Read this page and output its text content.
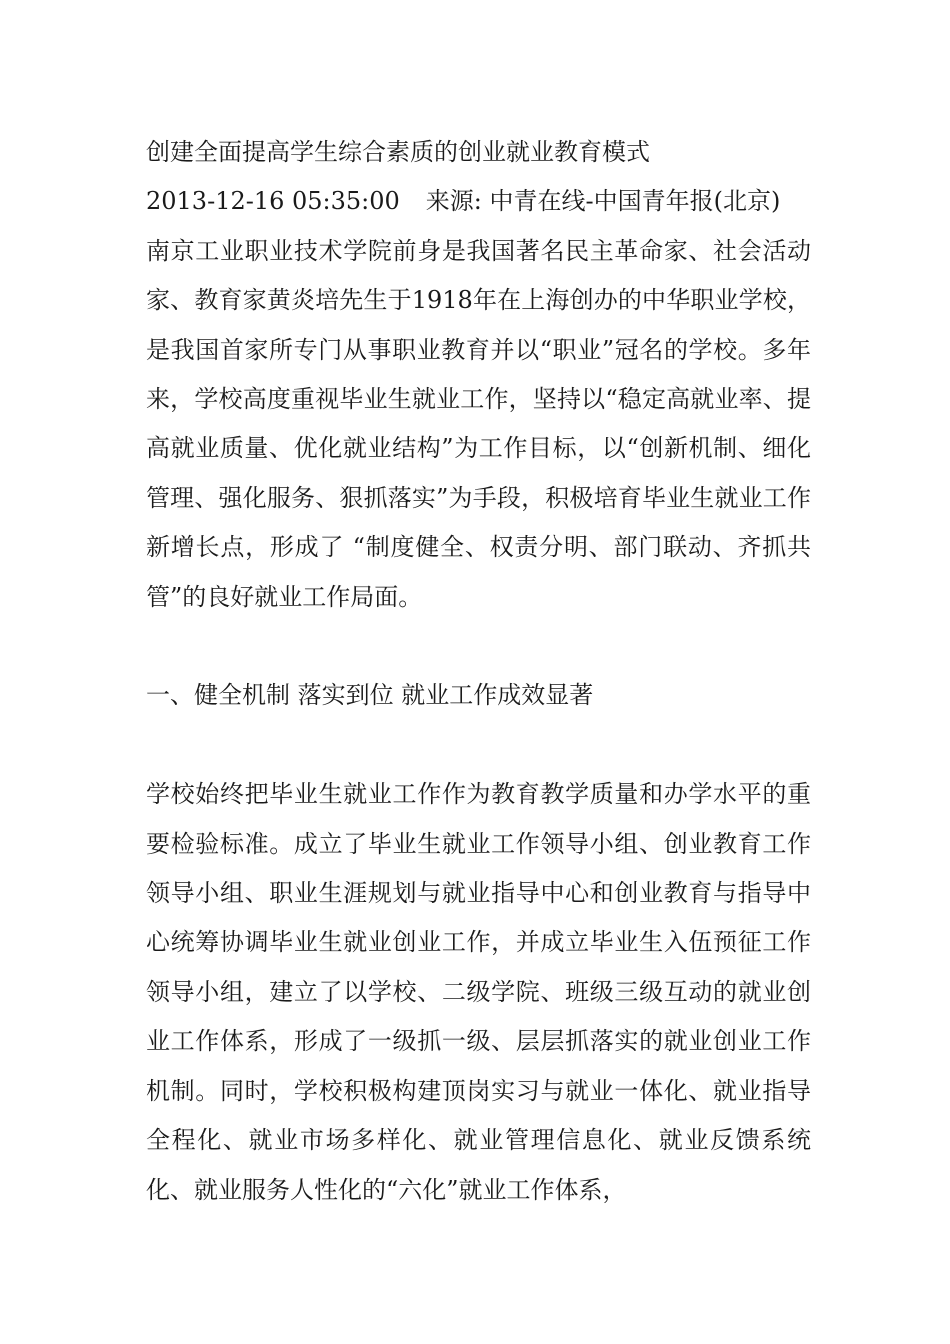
创建全面提高学生综合素质的创业就业教育模式
2013-12-16 05:35:00 来源: 中青在线-中国青年报(北京)

南京工业职业技术学院前身是我国著名民主革命家、社会活动家、教育家黄炎培先生于1918年在上海创办的中华职业学校，是我国首家所专门从事职业教育并以“职业”冠名的学校。多年来，学校高度重视毕业生就业工作，坚持以“稳定高就业率、提高就业质量、优化就业结构”为工作目标，以“创新机制、细化管理、强化服务、狠抓落实”为手段，积极培育毕业生就业工作新增长点，形成了 “制度健全、权责分明、部门联动、齐抓共管”的良好就业工作局面。

一、健全机制 落实到位 就业工作成效显著

学校始终把毕业生就业工作作为教育教学质量和办学水平的重要检验标准。成立了毕业生就业工作领导小组、创业教育工作领导小组、职业生涯规划与就业指导中心和创业教育与指导中心统筹协调毕业生就业创业工作，并成立毕业生入伍预征工作领导小组，建立了以学校、二级学院、班级三级互动的就业创业工作体系，形成了一级抓一级、层层抓落实的就业创业工作机制。同时，学校积极构建顶岗实习与就业一体化、就业指导全程化、就业市场多样化、就业管理信息化、就业反馈系统化、就业服务人性化的“六化”就业工作体系，
